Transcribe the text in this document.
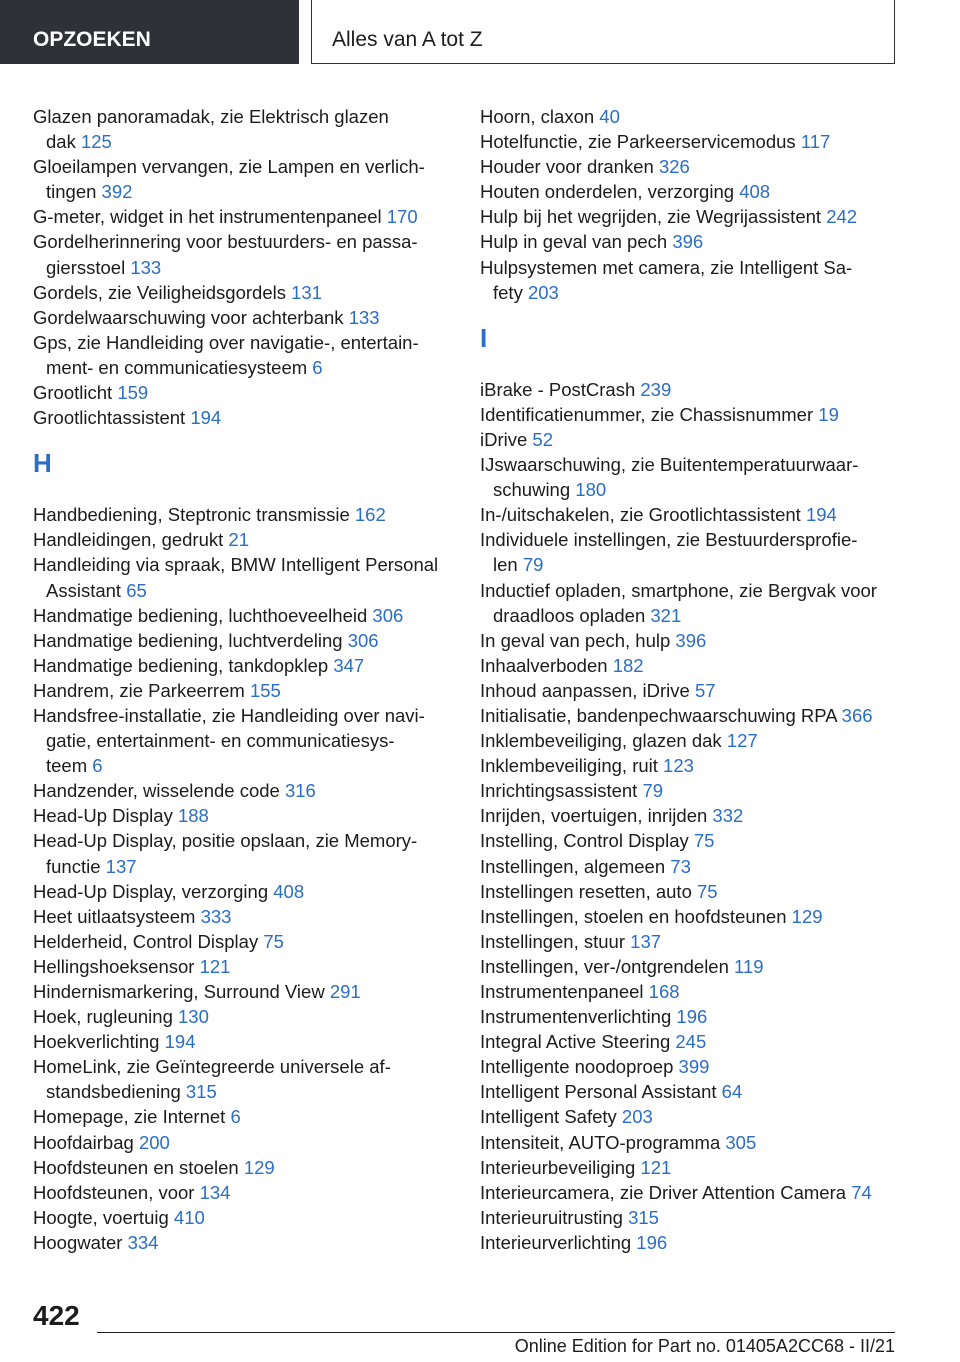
OPZOEKEN	Alles van A tot Z
Glazen panoramadak, zie Elektrisch glazen
dak 125
Gloeilampen vervangen, zie Lampen en verlich-
tingen 392
G-meter, widget in het instrumentenpaneel 170
Gordelherinnering voor bestuurders- en passa-
giersstoel 133
Gordels, zie Veiligheidsgordels 131
Gordelwaarschuwing voor achterbank 133
Gps, zie Handleiding over navigatie-, entertain-
ment- en communicatiesysteem 6
Grootlicht 159
Grootlichtassistent 194
H
Handbediening, Steptronic transmissie 162
Handleidingen, gedrukt 21
Handleiding via spraak, BMW Intelligent Personal
Assistant 65
Handmatige bediening, luchthoeveelheid 306
Handmatige bediening, luchtverdeling 306
Handmatige bediening, tankdopklep 347
Handrem, zie Parkeerrem 155
Handsfree-installatie, zie Handleiding over navi-
gatie, entertainment- en communicatiesys-
teem 6
Handzender, wisselende code 316
Head-Up Display 188
Head-Up Display, positie opslaan, zie Memory-
functie 137
Head-Up Display, verzorging 408
Heet uitlaatsysteem 333
Helderheid, Control Display 75
Hellingshoeksensor 121
Hindernismarkering, Surround View 291
Hoek, rugleuning 130
Hoekverlichting 194
HomeLink, zie Geïntegreerde universele af-
standsbediening 315
Homepage, zie Internet 6
Hoofdairbag 200
Hoofdsteunen en stoelen 129
Hoofdsteunen, voor 134
Hoogte, voertuig 410
Hoogwater 334
Hoorn, claxon 40
Hotelfunctie, zie Parkeerservicemodus 117
Houder voor dranken 326
Houten onderdelen, verzorging 408
Hulp bij het wegrijden, zie Wegrijassistent 242
Hulp in geval van pech 396
Hulpsystemen met camera, zie Intelligent Sa-
fety 203
I
iBrake - PostCrash 239
Identificatienummer, zie Chassisnummer 19
iDrive 52
IJswaarschuwing, zie Buitentemperatuurwaar-
schuwing 180
In-/uitschakelen, zie Grootlichtassistent 194
Individuele instellingen, zie Bestuurdersprofie-
len 79
Inductief opladen, smartphone, zie Bergvak voor
draadloos opladen 321
In geval van pech, hulp 396
Inhaalverboden 182
Inhoud aanpassen, iDrive 57
Initialisatie, bandenpechwaarschuwing RPA 366
Inklembeveiliging, glazen dak 127
Inklembeveiliging, ruit 123
Inrichtingsassistent 79
Inrijden, voertuigen, inrijden 332
Instelling, Control Display 75
Instellingen, algemeen 73
Instellingen resetten, auto 75
Instellingen, stoelen en hoofdsteunen 129
Instellingen, stuur 137
Instellingen, ver-/ontgrendelen 119
Instrumentenpaneel 168
Instrumentenverlichting 196
Integral Active Steering 245
Intelligente noodoproep 399
Intelligent Personal Assistant 64
Intelligent Safety 203
Intensiteit, AUTO-programma 305
Interieurbeveiliging 121
Interieurcamera, zie Driver Attention Camera 74
Interieuruitrusting 315
Interieurverlichting 196
422
Online Edition for Part no. 01405A2CC68 - II/21
